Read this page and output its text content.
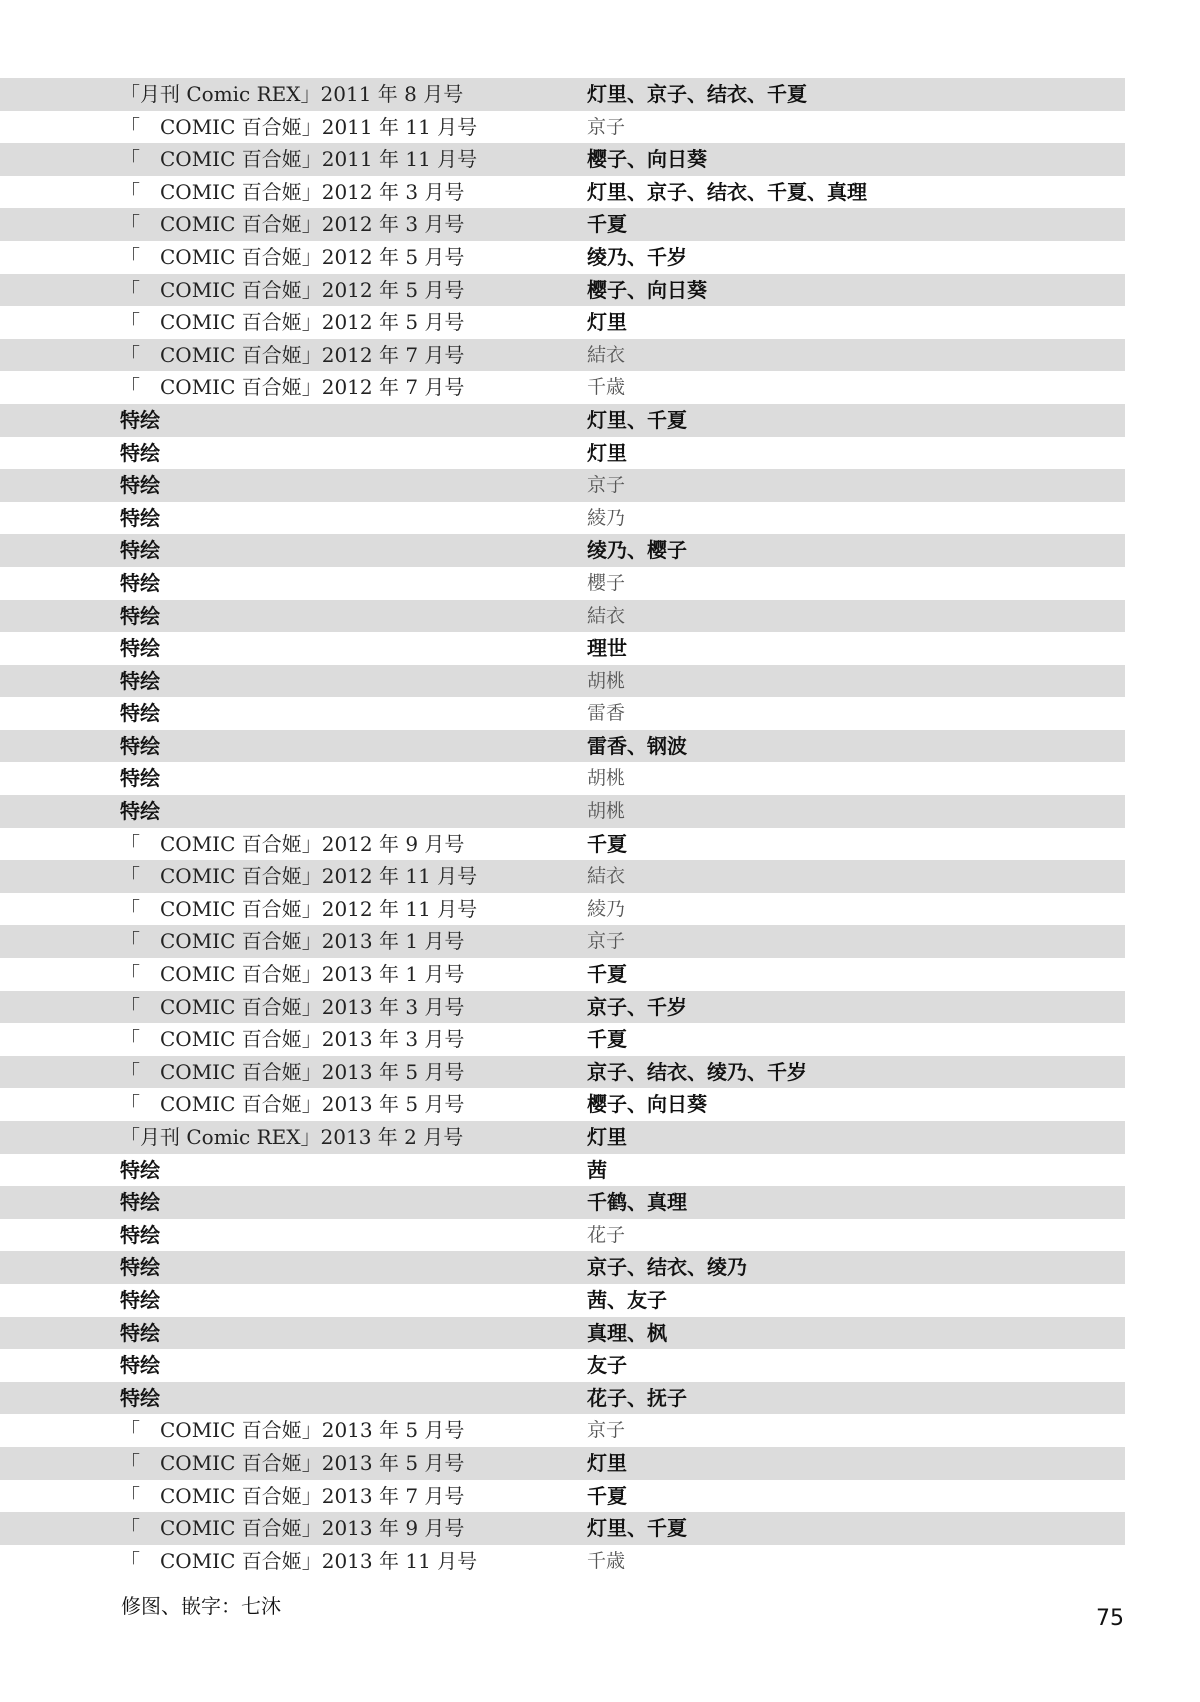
「月刊 Comic REX」2011 年 8 月号	灯里、京子、结衣、千夏
「　COMIC 百合姬」2011 年 11 月号	京子
「　COMIC 百合姬」2011 年 11 月号	樱子、向日葵
「　COMIC 百合姬」2012 年 3 月号	灯里、京子、结衣、千夏、真理
「　COMIC 百合姬」2012 年 3 月号	千夏
「　COMIC 百合姬」2012 年 5 月号	绫乃、千岁
「　COMIC 百合姬」2012 年 5 月号	樱子、向日葵
「　COMIC 百合姬」2012 年 5 月号	灯里
「　COMIC 百合姬」2012 年 7 月号	結衣
「　COMIC 百合姬」2012 年 7 月号	千歳
特绘	灯里、千夏
特绘	灯里
特绘	京子
特绘	綾乃
特绘	绫乃、樱子
特绘	櫻子
特绘	結衣
特绘	理世
特绘	胡桃
特绘	雷香
特绘	雷香、钢波
特绘	胡桃
特绘	胡桃
「　COMIC 百合姬」2012 年 9 月号	千夏
「　COMIC 百合姬」2012 年 11 月号	結衣
「　COMIC 百合姬」2012 年 11 月号	綾乃
「　COMIC 百合姬」2013 年 1 月号	京子
「　COMIC 百合姬」2013 年 1 月号	千夏
「　COMIC 百合姬」2013 年 3 月号	京子、千岁
「　COMIC 百合姬」2013 年 3 月号	千夏
「　COMIC 百合姬」2013 年 5 月号	京子、结衣、绫乃、千岁
「　COMIC 百合姬」2013 年 5 月号	樱子、向日葵
「月刊 Comic REX」2013 年 2 月号	灯里
特绘	茜
特绘	千鹤、真理
特绘	花子
特绘	京子、结衣、绫乃
特绘	茜、友子
特绘	真理、枫
特绘	友子
特绘	花子、抚子
「　COMIC 百合姬」2013 年 5 月号	京子
「　COMIC 百合姬」2013 年 5 月号	灯里
「　COMIC 百合姬」2013 年 7 月号	千夏
「　COMIC 百合姬」2013 年 9 月号	灯里、千夏
「　COMIC 百合姬」2013 年 11 月号	千歳
修图、嵌字：七沐	75
